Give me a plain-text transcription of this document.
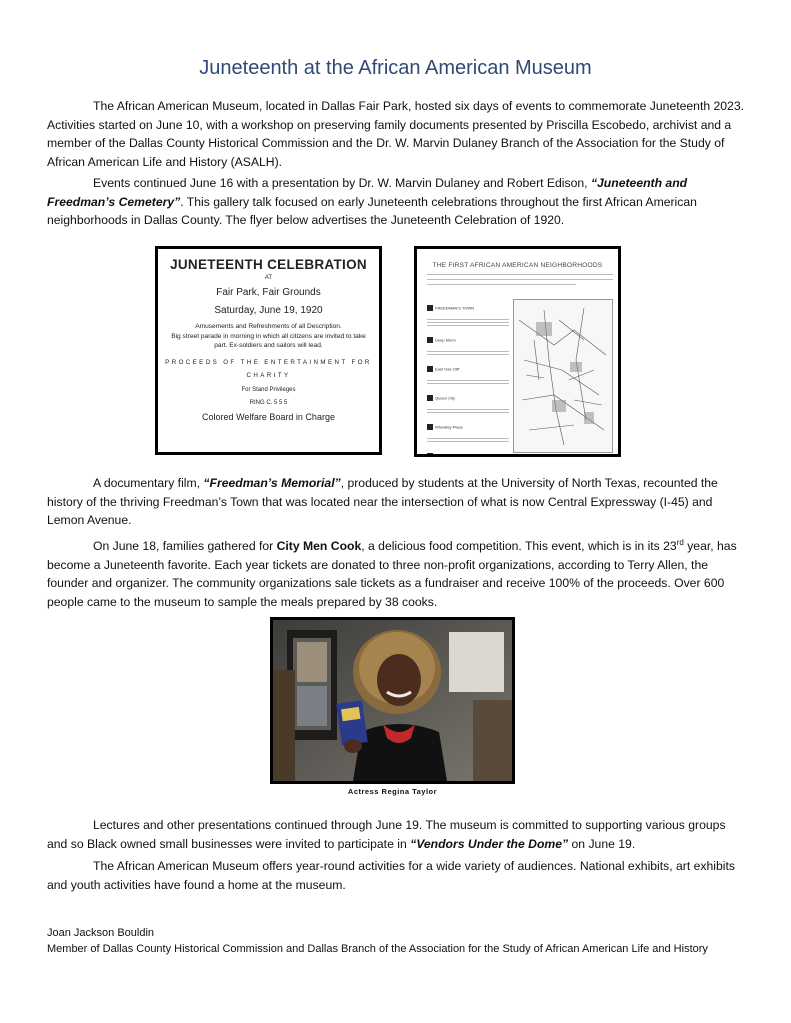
Juneteenth at the African American Museum

The African American Museum, located in Dallas Fair Park, hosted six days of events to commemorate Juneteenth 2023. Activities started on June 10, with a workshop on preserving family documents presented by Priscilla Escobedo, archivist and a member of the Dallas County Historical Commission and the Dr. W. Marvin Dulaney Branch of the Association for the Study of African American Life and History (ASALH).

Events continued June 16 with a presentation by Dr. W. Marvin Dulaney and Robert Edison, “Juneteenth and Freedman’s Cemetery”. This gallery talk focused on early Juneteenth celebrations throughout the first African American neighborhoods in Dallas County. The flyer below advertises the Juneteenth Celebration of 1920.

JUNETEENTH CELEBRATION
AT
Fair Park, Fair Grounds
Saturday, June 19, 1920
Amusements and Refreshments of all Description.
Big street parade in morning in which all citizens are invited to take part. Ex-soldiers and sailors will lead.
PROCEEDS OF THE ENTERTAINMENT FOR
CHARITY
For Stand Privileges
RING C. 5 5 5
Colored Welfare Board in Charge
THE FIRST AFRICAN AMERICAN NEIGHBORHOODS
FREEDMAN'S TOWN
Deep Ellum
East Oak Cliff
Queen City
Wheatley Place
Hall

A documentary film, “Freedman’s Memorial”, produced by students at the University of North Texas, recounted the history of the thriving Freedman’s Town that was located near the intersection of what is now Central Expressway (I-45) and Lemon Avenue.

On June 18, families gathered for City Men Cook, a delicious food competition. This event, which is in its 23rd year, has become a Juneteenth favorite. Each year tickets are donated to three non-profit organizations, according to Terry Allen, the founder and organizer. The community organizations sale tickets as a fundraiser and receive 100% of the proceeds. Over 600 people came to the museum to sample the meals prepared by 38 cooks.

Actress Regina Taylor

Lectures and other presentations continued through June 19. The museum is committed to supporting various groups and so Black owned small businesses were invited to participate in “Vendors Under the Dome” on June 19.

The African American Museum offers year-round activities for a wide variety of audiences. National exhibits, art exhibits and youth activities have found a home at the museum.

Joan Jackson Bouldin
Member of Dallas County Historical Commission and Dallas Branch of the Association for the Study of African American Life and History
